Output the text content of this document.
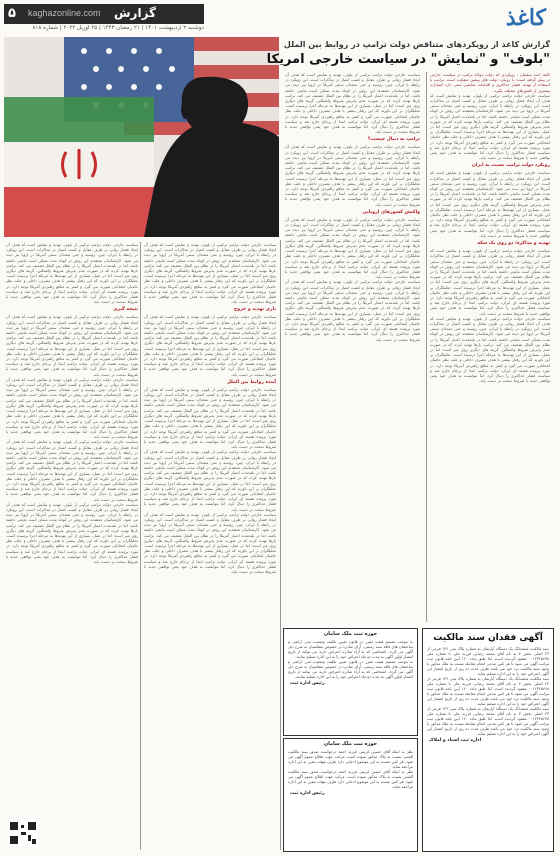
۵ kaghazonline.com گزارش
دوشنبه ۲ اردیبهشت ۱۴۰۱ | ۲۱ رمضان ۱۴۴۳ | ۲۵ آوریل ۲۰۲۲ | شماره ۸۱۸	کاغذ
گزارش کاغذ از رویکردهای متناقض دولت ترامپ در روابط بین الملل
"بلوف" و "نمایش" در سیاست خارجی امریکا
کاغذ: اسد سلیمان ؛ رویکردی که دولت دونالد ترامپ در سیاست خارجی در پیش گرفته است؛ با رویکرد دولت های پیشین متفاوت است. ترامپ با استفاده از تهدید، فشار حداکثری و اقدامات نمایشی سعی دارد امتیازات بیشتری از کشورهای مختلف بگیرد.
سیاست خارجی دولت ترامپ ترکیبی از بلوف، تهدید و نمایش است که هدف آن ایجاد فشار روانی بر طرف مقابل و کسب امتیاز در مذاکرات است. این رویکرد در رابطه با ایران، چین، روسیه و حتی متحدان سنتی آمریکا در اروپا نیز دیده می شود. کارشناسان معتقدند این روش در کوتاه مدت ممکن است نتایجی داشته باشد، اما در بلندمدت اعتبار آمریکا را در نظام بین الملل تضعیف می کند. ترامپ بارها تهدید کرده که در صورت عدم پذیرش شروط واشنگتن، گزینه های دیگری روی میز است؛ اما در عمل، بسیاری از این تهدیدها به مرحله اجرا نرسیده است. تحلیلگران بر این باورند که این رفتار بیشتر با هدف مصرف داخلی و جلب نظر حامیان انتخاباتی صورت می گیرد و کمتر به منافع راهبردی آمریکا توجه دارد. در مورد پرونده هسته ای ایران، دولت ترامپ ابتدا از برجام خارج شد و سیاست فشار حداکثری را دنبال کرد، اما نتوانست به هدف خود یعنی توافقی جدید با شروط سخت تر دست یابد.
رویکرد دولت ترامپ نسبت به ایران
سیاست خارجی دولت ترامپ ترکیبی از بلوف، تهدید و نمایش است که هدف آن ایجاد فشار روانی بر طرف مقابل و کسب امتیاز در مذاکرات است. این رویکرد در رابطه با ایران، چین، روسیه و حتی متحدان سنتی آمریکا در اروپا نیز دیده می شود. کارشناسان معتقدند این روش در کوتاه مدت ممکن است نتایجی داشته باشد، اما در بلندمدت اعتبار آمریکا را در نظام بین الملل تضعیف می کند. ترامپ بارها تهدید کرده که در صورت عدم پذیرش شروط واشنگتن، گزینه های دیگری روی میز است؛ اما در عمل، بسیاری از این تهدیدها به مرحله اجرا نرسیده است. تحلیلگران بر این باورند که این رفتار بیشتر با هدف مصرف داخلی و جلب نظر حامیان انتخاباتی صورت می گیرد و کمتر به منافع راهبردی آمریکا توجه دارد. در مورد پرونده هسته ای ایران، دولت ترامپ ابتدا از برجام خارج شد و سیاست فشار حداکثری را دنبال کرد، اما نتوانست به هدف خود یعنی توافقی جدید با شروط سخت تر دست یابد.
تهدید و مذاکره؛ دو روی یک سکه
سیاست خارجی دولت ترامپ ترکیبی از بلوف، تهدید و نمایش است که هدف آن ایجاد فشار روانی بر طرف مقابل و کسب امتیاز در مذاکرات است. این رویکرد در رابطه با ایران، چین، روسیه و حتی متحدان سنتی آمریکا در اروپا نیز دیده می شود. کارشناسان معتقدند این روش در کوتاه مدت ممکن است نتایجی داشته باشد، اما در بلندمدت اعتبار آمریکا را در نظام بین الملل تضعیف می کند. ترامپ بارها تهدید کرده که در صورت عدم پذیرش شروط واشنگتن، گزینه های دیگری روی میز است؛ اما در عمل، بسیاری از این تهدیدها به مرحله اجرا نرسیده است. تحلیلگران بر این باورند که این رفتار بیشتر با هدف مصرف داخلی و جلب نظر حامیان انتخاباتی صورت می گیرد و کمتر به منافع راهبردی آمریکا توجه دارد. در مورد پرونده هسته ای ایران، دولت ترامپ ابتدا از برجام خارج شد و سیاست فشار حداکثری را دنبال کرد، اما نتوانست به هدف خود یعنی توافقی جدید با شروط سخت تر دست یابد.
سیاست خارجی دولت ترامپ ترکیبی از بلوف، تهدید و نمایش است که هدف آن ایجاد فشار روانی بر طرف مقابل و کسب امتیاز در مذاکرات است. این رویکرد در رابطه با ایران، چین، روسیه و حتی متحدان سنتی آمریکا در اروپا نیز دیده می شود. کارشناسان معتقدند این روش در کوتاه مدت ممکن است نتایجی داشته باشد، اما در بلندمدت اعتبار آمریکا را در نظام بین الملل تضعیف می کند. ترامپ بارها تهدید کرده که در صورت عدم پذیرش شروط واشنگتن، گزینه های دیگری روی میز است؛ اما در عمل، بسیاری از این تهدیدها به مرحله اجرا نرسیده است. تحلیلگران بر این باورند که این رفتار بیشتر با هدف مصرف داخلی و جلب نظر حامیان انتخاباتی صورت می گیرد و کمتر به منافع راهبردی آمریکا توجه دارد. در مورد پرونده هسته ای ایران، دولت ترامپ ابتدا از برجام خارج شد و سیاست فشار حداکثری را دنبال کرد، اما نتوانست به هدف خود یعنی توافقی جدید با شروط سخت تر دست یابد.
سیاست خارجی دولت ترامپ ترکیبی از بلوف، تهدید و نمایش است که هدف آن ایجاد فشار روانی بر طرف مقابل و کسب امتیاز در مذاکرات است. این رویکرد در رابطه با ایران، چین، روسیه و حتی متحدان سنتی آمریکا در اروپا نیز دیده می شود. کارشناسان معتقدند این روش در کوتاه مدت ممکن است نتایجی داشته باشد، اما در بلندمدت اعتبار آمریکا را در نظام بین الملل تضعیف می کند. ترامپ بارها تهدید کرده که در صورت عدم پذیرش شروط واشنگتن، گزینه های دیگری روی میز است؛ اما در عمل، بسیاری از این تهدیدها به مرحله اجرا نرسیده است. تحلیلگران بر این باورند که این رفتار بیشتر با هدف مصرف داخلی و جلب نظر حامیان انتخاباتی صورت می گیرد و کمتر به منافع راهبردی آمریکا توجه دارد. در مورد پرونده هسته ای ایران، دولت ترامپ ابتدا از برجام خارج شد و سیاست فشار حداکثری را دنبال کرد، اما نتوانست به هدف خود یعنی توافقی جدید با شروط سخت تر دست یابد.
ترامپ به دنبال چیست؟
سیاست خارجی دولت ترامپ ترکیبی از بلوف، تهدید و نمایش است که هدف آن ایجاد فشار روانی بر طرف مقابل و کسب امتیاز در مذاکرات است. این رویکرد در رابطه با ایران، چین، روسیه و حتی متحدان سنتی آمریکا در اروپا نیز دیده می شود. کارشناسان معتقدند این روش در کوتاه مدت ممکن است نتایجی داشته باشد، اما در بلندمدت اعتبار آمریکا را در نظام بین الملل تضعیف می کند. ترامپ بارها تهدید کرده که در صورت عدم پذیرش شروط واشنگتن، گزینه های دیگری روی میز است؛ اما در عمل، بسیاری از این تهدیدها به مرحله اجرا نرسیده است. تحلیلگران بر این باورند که این رفتار بیشتر با هدف مصرف داخلی و جلب نظر حامیان انتخاباتی صورت می گیرد و کمتر به منافع راهبردی آمریکا توجه دارد. در مورد پرونده هسته ای ایران، دولت ترامپ ابتدا از برجام خارج شد و سیاست فشار حداکثری را دنبال کرد، اما نتوانست به هدف خود یعنی توافقی جدید با شروط سخت تر دست یابد.
واکنش کشورهای اروپایی
سیاست خارجی دولت ترامپ ترکیبی از بلوف، تهدید و نمایش است که هدف آن ایجاد فشار روانی بر طرف مقابل و کسب امتیاز در مذاکرات است. این رویکرد در رابطه با ایران، چین، روسیه و حتی متحدان سنتی آمریکا در اروپا نیز دیده می شود. کارشناسان معتقدند این روش در کوتاه مدت ممکن است نتایجی داشته باشد، اما در بلندمدت اعتبار آمریکا را در نظام بین الملل تضعیف می کند. ترامپ بارها تهدید کرده که در صورت عدم پذیرش شروط واشنگتن، گزینه های دیگری روی میز است؛ اما در عمل، بسیاری از این تهدیدها به مرحله اجرا نرسیده است. تحلیلگران بر این باورند که این رفتار بیشتر با هدف مصرف داخلی و جلب نظر حامیان انتخاباتی صورت می گیرد و کمتر به منافع راهبردی آمریکا توجه دارد. در مورد پرونده هسته ای ایران، دولت ترامپ ابتدا از برجام خارج شد و سیاست فشار حداکثری را دنبال کرد، اما نتوانست به هدف خود یعنی توافقی جدید با شروط سخت تر دست یابد.
سیاست خارجی دولت ترامپ ترکیبی از بلوف، تهدید و نمایش است که هدف آن ایجاد فشار روانی بر طرف مقابل و کسب امتیاز در مذاکرات است. این رویکرد در رابطه با ایران، چین، روسیه و حتی متحدان سنتی آمریکا در اروپا نیز دیده می شود. کارشناسان معتقدند این روش در کوتاه مدت ممکن است نتایجی داشته باشد، اما در بلندمدت اعتبار آمریکا را در نظام بین الملل تضعیف می کند. ترامپ بارها تهدید کرده که در صورت عدم پذیرش شروط واشنگتن، گزینه های دیگری روی میز است؛ اما در عمل، بسیاری از این تهدیدها به مرحله اجرا نرسیده است. تحلیلگران بر این باورند که این رفتار بیشتر با هدف مصرف داخلی و جلب نظر حامیان انتخاباتی صورت می گیرد و کمتر به منافع راهبردی آمریکا توجه دارد. در مورد پرونده هسته ای ایران، دولت ترامپ ابتدا از برجام خارج شد و سیاست فشار حداکثری را دنبال کرد، اما نتوانست به هدف خود یعنی توافقی جدید با شروط سخت تر دست یابد.
سیاست خارجی دولت ترامپ ترکیبی از بلوف، تهدید و نمایش است که هدف آن ایجاد فشار روانی بر طرف مقابل و کسب امتیاز در مذاکرات است. این رویکرد در رابطه با ایران، چین، روسیه و حتی متحدان سنتی آمریکا در اروپا نیز دیده می شود. کارشناسان معتقدند این روش در کوتاه مدت ممکن است نتایجی داشته باشد، اما در بلندمدت اعتبار آمریکا را در نظام بین الملل تضعیف می کند. ترامپ بارها تهدید کرده که در صورت عدم پذیرش شروط واشنگتن، گزینه های دیگری روی میز است؛ اما در عمل، بسیاری از این تهدیدها به مرحله اجرا نرسیده است. تحلیلگران بر این باورند که این رفتار بیشتر با هدف مصرف داخلی و جلب نظر حامیان انتخاباتی صورت می گیرد و کمتر به منافع راهبردی آمریکا توجه دارد. در مورد پرونده هسته ای ایران، دولت ترامپ ابتدا از برجام خارج شد و سیاست فشار حداکثری را دنبال کرد، اما نتوانست به هدف خود یعنی توافقی جدید با شروط سخت تر دست یابد.
بازی تهدید و خروج
سیاست خارجی دولت ترامپ ترکیبی از بلوف، تهدید و نمایش است که هدف آن ایجاد فشار روانی بر طرف مقابل و کسب امتیاز در مذاکرات است. این رویکرد در رابطه با ایران، چین، روسیه و حتی متحدان سنتی آمریکا در اروپا نیز دیده می شود. کارشناسان معتقدند این روش در کوتاه مدت ممکن است نتایجی داشته باشد، اما در بلندمدت اعتبار آمریکا را در نظام بین الملل تضعیف می کند. ترامپ بارها تهدید کرده که در صورت عدم پذیرش شروط واشنگتن، گزینه های دیگری روی میز است؛ اما در عمل، بسیاری از این تهدیدها به مرحله اجرا نرسیده است. تحلیلگران بر این باورند که این رفتار بیشتر با هدف مصرف داخلی و جلب نظر حامیان انتخاباتی صورت می گیرد و کمتر به منافع راهبردی آمریکا توجه دارد. در مورد پرونده هسته ای ایران، دولت ترامپ ابتدا از برجام خارج شد و سیاست فشار حداکثری را دنبال کرد، اما نتوانست به هدف خود یعنی توافقی جدید با شروط سخت تر دست یابد.
آینده روابط بین الملل
سیاست خارجی دولت ترامپ ترکیبی از بلوف، تهدید و نمایش است که هدف آن ایجاد فشار روانی بر طرف مقابل و کسب امتیاز در مذاکرات است. این رویکرد در رابطه با ایران، چین، روسیه و حتی متحدان سنتی آمریکا در اروپا نیز دیده می شود. کارشناسان معتقدند این روش در کوتاه مدت ممکن است نتایجی داشته باشد، اما در بلندمدت اعتبار آمریکا را در نظام بین الملل تضعیف می کند. ترامپ بارها تهدید کرده که در صورت عدم پذیرش شروط واشنگتن، گزینه های دیگری روی میز است؛ اما در عمل، بسیاری از این تهدیدها به مرحله اجرا نرسیده است. تحلیلگران بر این باورند که این رفتار بیشتر با هدف مصرف داخلی و جلب نظر حامیان انتخاباتی صورت می گیرد و کمتر به منافع راهبردی آمریکا توجه دارد. در مورد پرونده هسته ای ایران، دولت ترامپ ابتدا از برجام خارج شد و سیاست فشار حداکثری را دنبال کرد، اما نتوانست به هدف خود یعنی توافقی جدید با شروط سخت تر دست یابد.
سیاست خارجی دولت ترامپ ترکیبی از بلوف، تهدید و نمایش است که هدف آن ایجاد فشار روانی بر طرف مقابل و کسب امتیاز در مذاکرات است. این رویکرد در رابطه با ایران، چین، روسیه و حتی متحدان سنتی آمریکا در اروپا نیز دیده می شود. کارشناسان معتقدند این روش در کوتاه مدت ممکن است نتایجی داشته باشد، اما در بلندمدت اعتبار آمریکا را در نظام بین الملل تضعیف می کند. ترامپ بارها تهدید کرده که در صورت عدم پذیرش شروط واشنگتن، گزینه های دیگری روی میز است؛ اما در عمل، بسیاری از این تهدیدها به مرحله اجرا نرسیده است. تحلیلگران بر این باورند که این رفتار بیشتر با هدف مصرف داخلی و جلب نظر حامیان انتخاباتی صورت می گیرد و کمتر به منافع راهبردی آمریکا توجه دارد. در مورد پرونده هسته ای ایران، دولت ترامپ ابتدا از برجام خارج شد و سیاست فشار حداکثری را دنبال کرد، اما نتوانست به هدف خود یعنی توافقی جدید با شروط سخت تر دست یابد.
سیاست خارجی دولت ترامپ ترکیبی از بلوف، تهدید و نمایش است که هدف آن ایجاد فشار روانی بر طرف مقابل و کسب امتیاز در مذاکرات است. این رویکرد در رابطه با ایران، چین، روسیه و حتی متحدان سنتی آمریکا در اروپا نیز دیده می شود. کارشناسان معتقدند این روش در کوتاه مدت ممکن است نتایجی داشته باشد، اما در بلندمدت اعتبار آمریکا را در نظام بین الملل تضعیف می کند. ترامپ بارها تهدید کرده که در صورت عدم پذیرش شروط واشنگتن، گزینه های دیگری روی میز است؛ اما در عمل، بسیاری از این تهدیدها به مرحله اجرا نرسیده است. تحلیلگران بر این باورند که این رفتار بیشتر با هدف مصرف داخلی و جلب نظر حامیان انتخاباتی صورت می گیرد و کمتر به منافع راهبردی آمریکا توجه دارد. در مورد پرونده هسته ای ایران، دولت ترامپ ابتدا از برجام خارج شد و سیاست فشار حداکثری را دنبال کرد، اما نتوانست به هدف خود یعنی توافقی جدید با شروط سخت تر دست یابد.
سیاست خارجی دولت ترامپ ترکیبی از بلوف، تهدید و نمایش است که هدف آن ایجاد فشار روانی بر طرف مقابل و کسب امتیاز در مذاکرات است. این رویکرد در رابطه با ایران، چین، روسیه و حتی متحدان سنتی آمریکا در اروپا نیز دیده می شود. کارشناسان معتقدند این روش در کوتاه مدت ممکن است نتایجی داشته باشد، اما در بلندمدت اعتبار آمریکا را در نظام بین الملل تضعیف می کند. ترامپ بارها تهدید کرده که در صورت عدم پذیرش شروط واشنگتن، گزینه های دیگری روی میز است؛ اما در عمل، بسیاری از این تهدیدها به مرحله اجرا نرسیده است. تحلیلگران بر این باورند که این رفتار بیشتر با هدف مصرف داخلی و جلب نظر حامیان انتخاباتی صورت می گیرد و کمتر به منافع راهبردی آمریکا توجه دارد. در مورد پرونده هسته ای ایران، دولت ترامپ ابتدا از برجام خارج شد و سیاست فشار حداکثری را دنبال کرد، اما نتوانست به هدف خود یعنی توافقی جدید با شروط سخت تر دست یابد.
نتیجه گیری
سیاست خارجی دولت ترامپ ترکیبی از بلوف، تهدید و نمایش است که هدف آن ایجاد فشار روانی بر طرف مقابل و کسب امتیاز در مذاکرات است. این رویکرد در رابطه با ایران، چین، روسیه و حتی متحدان سنتی آمریکا در اروپا نیز دیده می شود. کارشناسان معتقدند این روش در کوتاه مدت ممکن است نتایجی داشته باشد، اما در بلندمدت اعتبار آمریکا را در نظام بین الملل تضعیف می کند. ترامپ بارها تهدید کرده که در صورت عدم پذیرش شروط واشنگتن، گزینه های دیگری روی میز است؛ اما در عمل، بسیاری از این تهدیدها به مرحله اجرا نرسیده است. تحلیلگران بر این باورند که این رفتار بیشتر با هدف مصرف داخلی و جلب نظر حامیان انتخاباتی صورت می گیرد و کمتر به منافع راهبردی آمریکا توجه دارد. در مورد پرونده هسته ای ایران، دولت ترامپ ابتدا از برجام خارج شد و سیاست فشار حداکثری را دنبال کرد، اما نتوانست به هدف خود یعنی توافقی جدید با شروط سخت تر دست یابد.
سیاست خارجی دولت ترامپ ترکیبی از بلوف، تهدید و نمایش است که هدف آن ایجاد فشار روانی بر طرف مقابل و کسب امتیاز در مذاکرات است. این رویکرد در رابطه با ایران، چین، روسیه و حتی متحدان سنتی آمریکا در اروپا نیز دیده می شود. کارشناسان معتقدند این روش در کوتاه مدت ممکن است نتایجی داشته باشد، اما در بلندمدت اعتبار آمریکا را در نظام بین الملل تضعیف می کند. ترامپ بارها تهدید کرده که در صورت عدم پذیرش شروط واشنگتن، گزینه های دیگری روی میز است؛ اما در عمل، بسیاری از این تهدیدها به مرحله اجرا نرسیده است. تحلیلگران بر این باورند که این رفتار بیشتر با هدف مصرف داخلی و جلب نظر حامیان انتخاباتی صورت می گیرد و کمتر به منافع راهبردی آمریکا توجه دارد. در مورد پرونده هسته ای ایران، دولت ترامپ ابتدا از برجام خارج شد و سیاست فشار حداکثری را دنبال کرد، اما نتوانست به هدف خود یعنی توافقی جدید با شروط سخت تر دست یابد.
سیاست خارجی دولت ترامپ ترکیبی از بلوف، تهدید و نمایش است که هدف آن ایجاد فشار روانی بر طرف مقابل و کسب امتیاز در مذاکرات است. این رویکرد در رابطه با ایران، چین، روسیه و حتی متحدان سنتی آمریکا در اروپا نیز دیده می شود. کارشناسان معتقدند این روش در کوتاه مدت ممکن است نتایجی داشته باشد، اما در بلندمدت اعتبار آمریکا را در نظام بین الملل تضعیف می کند. ترامپ بارها تهدید کرده که در صورت عدم پذیرش شروط واشنگتن، گزینه های دیگری روی میز است؛ اما در عمل، بسیاری از این تهدیدها به مرحله اجرا نرسیده است. تحلیلگران بر این باورند که این رفتار بیشتر با هدف مصرف داخلی و جلب نظر حامیان انتخاباتی صورت می گیرد و کمتر به منافع راهبردی آمریکا توجه دارد. در مورد پرونده هسته ای ایران، دولت ترامپ ابتدا از برجام خارج شد و سیاست فشار حداکثری را دنبال کرد، اما نتوانست به هدف خود یعنی توافقی جدید با شروط سخت تر دست یابد.
سیاست خارجی دولت ترامپ ترکیبی از بلوف، تهدید و نمایش است که هدف آن ایجاد فشار روانی بر طرف مقابل و کسب امتیاز در مذاکرات است. این رویکرد در رابطه با ایران، چین، روسیه و حتی متحدان سنتی آمریکا در اروپا نیز دیده می شود. کارشناسان معتقدند این روش در کوتاه مدت ممکن است نتایجی داشته باشد، اما در بلندمدت اعتبار آمریکا را در نظام بین الملل تضعیف می کند. ترامپ بارها تهدید کرده که در صورت عدم پذیرش شروط واشنگتن، گزینه های دیگری روی میز است؛ اما در عمل، بسیاری از این تهدیدها به مرحله اجرا نرسیده است. تحلیلگران بر این باورند که این رفتار بیشتر با هدف مصرف داخلی و جلب نظر حامیان انتخاباتی صورت می گیرد و کمتر به منافع راهبردی آمریکا توجه دارد. در مورد پرونده هسته ای ایران، دولت ترامپ ابتدا از برجام خارج شد و سیاست فشار حداکثری را دنبال کرد، اما نتوانست به هدف خود یعنی توافقی جدید با شروط سخت تر دست یابد.
آگهی فقدان سند مالکیت
سند مالکیت ششدانگ یک دستگاه آپارتمان به شماره پلاک ثبتی ۱۲۴ فرعی از ۲۳ اصلی بخش ۷ به نام آقای محمد رضایی فرزند علی با شماره ملی ۰۰۱۲۳۴۵۶۷۸ مفقود گردیده است. لذا طبق ماده ۱۲۰ آیین نامه قانون ثبت مراتب آگهی می شود تا هر کس مدعی انجام معامله نسبت به ملک مذکور یا وجود سند مالکیت نزد خود می باشد ظرف مدت ده روز از تاریخ انتشار این آگهی اعتراض خود را به این اداره تسلیم نماید.
سند مالکیت ششدانگ یک دستگاه آپارتمان به شماره پلاک ثبتی ۱۲۴ فرعی از ۲۳ اصلی بخش ۷ به نام آقای محمد رضایی فرزند علی با شماره ملی ۰۰۱۲۳۴۵۶۷۸ مفقود گردیده است. لذا طبق ماده ۱۲۰ آیین نامه قانون ثبت مراتب آگهی می شود تا هر کس مدعی انجام معامله نسبت به ملک مذکور یا وجود سند مالکیت نزد خود می باشد ظرف مدت ده روز از تاریخ انتشار این آگهی اعتراض خود را به این اداره تسلیم نماید.
سند مالکیت ششدانگ یک دستگاه آپارتمان به شماره پلاک ثبتی ۱۲۴ فرعی از ۲۳ اصلی بخش ۷ به نام آقای محمد رضایی فرزند علی با شماره ملی ۰۰۱۲۳۴۵۶۷۸ مفقود گردیده است. لذا طبق ماده ۱۲۰ آیین نامه قانون ثبت مراتب آگهی می شود تا هر کس مدعی انجام معامله نسبت به ملک مذکور یا وجود سند مالکیت نزد خود می باشد ظرف مدت ده روز از تاریخ انتشار این آگهی اعتراض خود را به این اداره تسلیم نماید.
اداره ثبت اسناد و املاک
حوزه ثبت ملک سامان
به موجب تصمیم هیئت مقرر در قانون تعیین تکلیف وضعیت ثبتی اراضی و ساختمان های فاقد سند رسمی، آرای صادره در خصوص متقاضیان به شرح ذیل آگهی می گردد. اشخاصی که به آراء صادره اعتراض دارند می توانند از تاریخ انتشار اولین آگهی به مدت دو ماه اعتراض خود را به این اداره تسلیم نمایند.
به موجب تصمیم هیئت مقرر در قانون تعیین تکلیف وضعیت ثبتی اراضی و ساختمان های فاقد سند رسمی، آرای صادره در خصوص متقاضیان به شرح ذیل آگهی می گردد. اشخاصی که به آراء صادره اعتراض دارند می توانند از تاریخ انتشار اولین آگهی به مدت دو ماه اعتراض خود را به این اداره تسلیم نمایند.
رئیس اداره ثبت
حوزه ثبت ملک سامان
نظر به اینکه آقای حسین کریمی فرزند احمد درخواست صدور سند مالکیت المثنی نسبت به پلاک مذکور نموده است، مراتب جهت اطلاع عموم آگهی می شود. هر کس نسبت به این موضوع ادعایی دارد ظرف مهلت مقرر به این اداره مراجعه نماید.
نظر به اینکه آقای حسین کریمی فرزند احمد درخواست صدور سند مالکیت المثنی نسبت به پلاک مذکور نموده است، مراتب جهت اطلاع عموم آگهی می شود. هر کس نسبت به این موضوع ادعایی دارد ظرف مهلت مقرر به این اداره مراجعه نماید.
رئیس اداره ثبت
